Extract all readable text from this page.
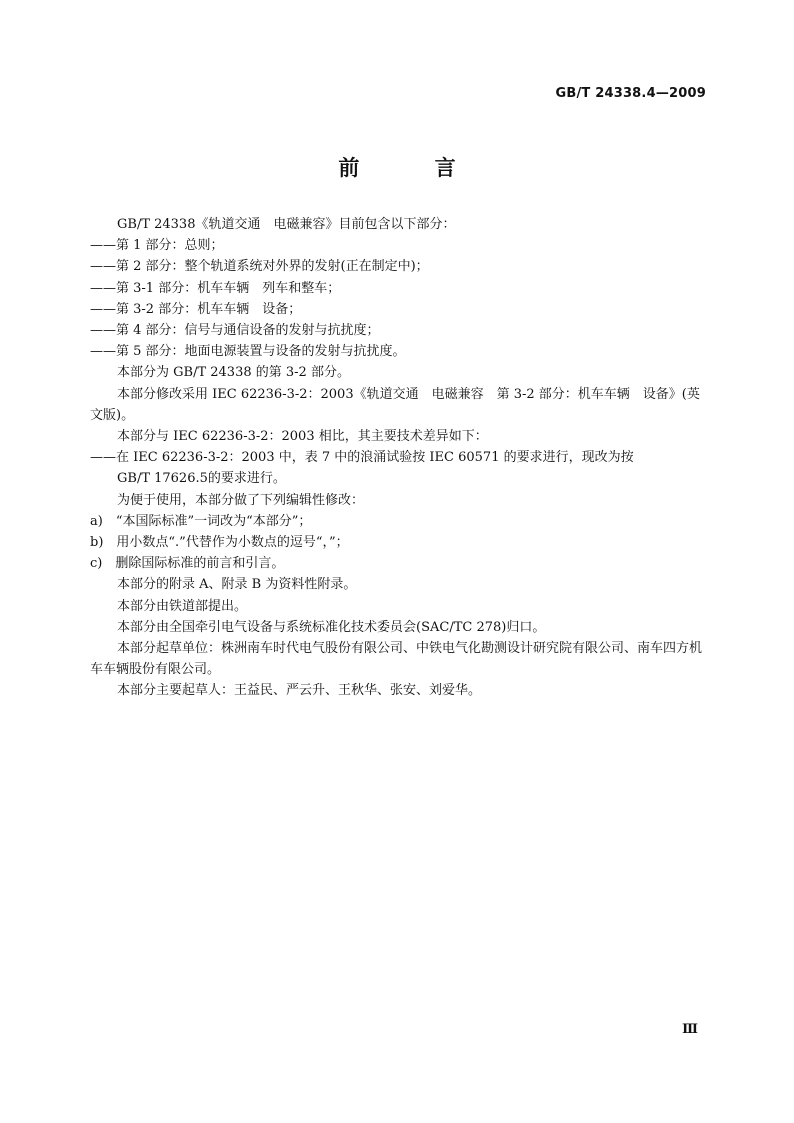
GB/T 24338.4—2009
前 言

GB/T 24338《轨道交通　电磁兼容》目前包含以下部分：

——第 1 部分：总则；

——第 2 部分：整个轨道系统对外界的发射(正在制定中)；

——第 3-1 部分：机车车辆　列车和整车；

——第 3-2 部分：机车车辆　设备；

——第 4 部分：信号与通信设备的发射与抗扰度；

——第 5 部分：地面电源装置与设备的发射与抗扰度。

本部分为 GB/T 24338 的第 3-2 部分。

本部分修改采用 IEC 62236-3-2：2003《轨道交通　电磁兼容　第 3-2 部分：机车车辆　设备》(英文版)。

本部分与 IEC 62236-3-2：2003 相比，其主要技术差异如下：

——在 IEC 62236-3-2：2003 中，表 7 中的浪涌试验按 IEC 60571 的要求进行，现改为按
GB/T 17626.5的要求进行。

为便于使用，本部分做了下列编辑性修改：

a)　“本国际标准”一词改为“本部分”；

b)　用小数点“.”代替作为小数点的逗号“，”；

c)　删除国际标准的前言和引言。

本部分的附录 A、附录 B 为资料性附录。

本部分由铁道部提出。

本部分由全国牵引电气设备与系统标准化技术委员会(SAC/TC 278)归口。

本部分起草单位：株洲南车时代电气股份有限公司、中铁电气化勘测设计研究院有限公司、南车四方机车车辆股份有限公司。

本部分主要起草人：王益民、严云升、王秋华、张安、刘爱华。

Ⅲ
